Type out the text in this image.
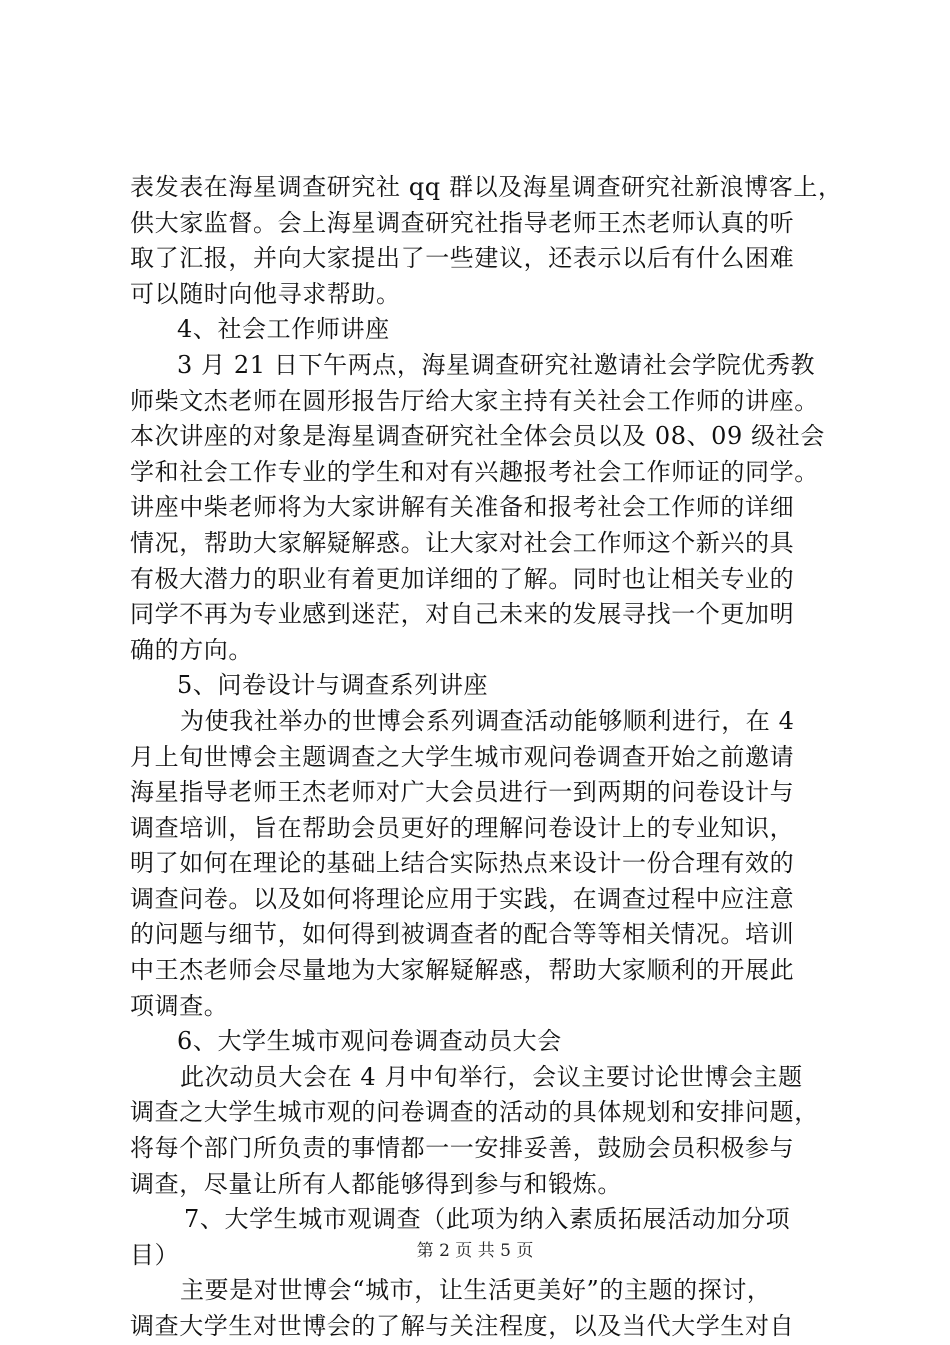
表发表在海星调查研究社 qq 群以及海星调查研究社新浪博客上，
供大家监督。会上海星调查研究社指导老师王杰老师认真的听
取了汇报，并向大家提出了一些建议，还表示以后有什么困难
可以随时向他寻求帮助。
4、社会工作师讲座
3 月 21 日下午两点，海星调查研究社邀请社会学院优秀教
师柴文杰老师在圆形报告厅给大家主持有关社会工作师的讲座。
本次讲座的对象是海星调查研究社全体会员以及 08、09 级社会
学和社会工作专业的学生和对有兴趣报考社会工作师证的同学。
讲座中柴老师将为大家讲解有关准备和报考社会工作师的详细
情况，帮助大家解疑解惑。让大家对社会工作师这个新兴的具
有极大潜力的职业有着更加详细的了解。同时也让相关专业的
同学不再为专业感到迷茫，对自己未来的发展寻找一个更加明
确的方向。
5、问卷设计与调查系列讲座
为使我社举办的世博会系列调查活动能够顺利进行，在 4
月上旬世博会主题调查之大学生城市观问卷调查开始之前邀请
海星指导老师王杰老师对广大会员进行一到两期的问卷设计与
调查培训，旨在帮助会员更好的理解问卷设计上的专业知识，
明了如何在理论的基础上结合实际热点来设计一份合理有效的
调查问卷。以及如何将理论应用于实践，在调查过程中应注意
的问题与细节，如何得到被调查者的配合等等相关情况。培训
中王杰老师会尽量地为大家解疑解惑，帮助大家顺利的开展此
项调查。
6、大学生城市观问卷调查动员大会
此次动员大会在 4 月中旬举行，会议主要讨论世博会主题
调查之大学生城市观的问卷调查的活动的具体规划和安排问题，
将每个部门所负责的事情都一一安排妥善，鼓励会员积极参与
调查，尽量让所有人都能够得到参与和锻炼。
7、大学生城市观调查（此项为纳入素质拓展活动加分项
目）
主要是对世博会“城市，让生活更美好”的主题的探讨，
调查大学生对世博会的了解与关注程度，以及当代大学生对自
第 2 页 共 5 页
